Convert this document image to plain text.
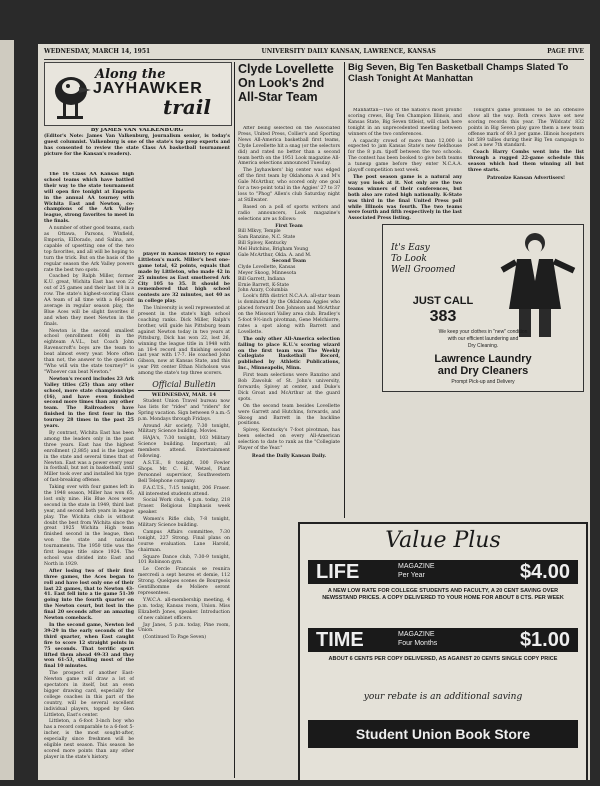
WEDNESDAY, MARCH 14, 1951	UNIVERSITY DAILY KANSAN, LAWRENCE, KANSAS	PAGE FIVE
Along the
JAYHAWKER
trail
By JAMES VAN VALKENBURG
(Editor's Note: James Van Valkenburg, journalism senior, is today's guest columnist. Valkenburg is one of the state's top prep experts and has consented to review the state Class AA basketball tournament picture for the Kansan's readers).

The 16 Class AA Kansas high school teams which have battled their way to the state tournament will open fire tonight at Emporia in the annual AA tourney with Wichita East and Newton, co-champions of the Ark Valley league, strong favorites to meet in the finals.

A number of other good teams, such as Ottawa, Parsons, Winfield, Emporia, ElDorado, and Salina, are capable of upsetting one of the two top favorites, and all will be hoping to turn the trick. But on the basis of the regular season the Ark Valley powers rate the best two spots.

Coached by Ralph Miller, former K.U. great, Wichita East has won 22 out of 25 games and their last 18 in a row. The state's highest-scoring Class AA team of all time with a 66-point average in regular season play, the Blue Aces will be slight favorites if and when they meet Newton in the finals.

Newton is the second smallest school (enrollment 608) in the eighteam A.V.L., but Coach John Ravenscroft's boys are the team to beat almost every year. More often than not, the answer to the question "Who will win the state tourney?" is "Whoever can beat Newton."

Newton's record includes 23 Ark Valley titles (25) than any other school, more state championships (16), and have even finished second more times than any other team. The Railroaders have finished in the first four in the tourney 28 times in the past 25 years.

By contrast, Wichita East has been among the leaders only in the past three years. East has the highest enrollment (2,885) and is the largest in the state and several times that of Newton. East was a power every year in football, but not in basketball, until Miller took over and installed his type of fast-breaking offense.

Taking over with four games left in the 1948 season, Miller has won 65, lost only nine. His Blue Aces were second in the state in 1949, third last year, and second both years in league play. The Wichita club is without doubt the best from Wichita since the great 1925 Wichita High team finished second in the league, then won the state and national tournaments. The 1950 title was the first league title since 1924. The school was divided into East and North in 1929.

After losing two of their first three games, the Aces began to roll and have lost only one of their last 22 games, that to Newton 43-41. East fell into a tie game 51-39 going into the fourth quarter on the Newton court, but lost in the final 20 seconds after an amazing Newton comeback.

In the second game, Newton led 39-29 in the early seconds of the third quarter, when East caught fire to score 12 straight points in 75 seconds. That terrific spurt lifted them ahead 49-33 and they won 61-53, stalling most of the final 10 minutes.

The prospect of another East-Newton game will draw a lot of spectators in itself, but an even bigger drawing card, especially for college coaches in this part of the country, will be several excellent individual players, topped by Glen Littleton, East's center.

Littleton, a 6-foot 3-inch boy who has a record comparable to a 6-foot 5-incher, is the most sought-after, especially since freshmen will be eligible next season. This season he scored more points than any other player in the state's history.

player in Kansas history to equal Littleton's mark. Miller's best one-game total, 42 points, equals that made by Littleton, who made 42 in 25 minutes as East smothered Ark City 105 to 35. It should be remembered that high school contests are 32 minutes, not 40 as in college play.

The University is well represented at present in the state's high school coaching ranks. Dick Miller, Ralph's brother, will guide his Pittsburg team against Newton today in two years at Pittsburg, Dick has won 22, lost 26, winning the league title in 1948 with an 18-4 record and finishing second last year with 17-7. He coached John Gibson, now at Kansas State, and this year Pitt center Ethan Nicholson was among the state's top three scorers.

Official Bulletin
WEDNESDAY, MAR. 14

Student Union Travel bureau now has lists for "rides" and "riders" for Spring vacation. Sign between 9 a.m.-5 p.m. Mondays through Fridays.

Around Air society, 7:30 tonight, Military Science building. Movies.

HAJA's, 7:30 tonight, 103 Military Science building. Important; all members attend. Entertainment following.

A.S.T.E., 8 tonight, 300 Fowler Shops. Mr. C. H. Wetzel, Plant Personnel supervisor, Southwestern Bell Telephone company.

F.A.C.T.S., 7:15 tonight, 206 Fraser. All interested students attend.

Social Work club, 4 p.m. today, 218 Fraser. Religious Emphasis week speaker.

Women's Rifle club, 7-8 tonight, Military Science building.

Campus Affairs committee, 7:30 tonight, 227 Strong. Final plans on course evaluation. Lane Harold, chairman.

Square Dance club, 7:30-9 tonight, 101 Robinson gym.

Le Cercle Francais se reunira mercredi a sept heures et demie, 112 Strong. Quelques scenes de Bourgeois Gentilhomme de Moliere seront representees.

Y.W.C.A. all-membership meeting, 4 p.m. today, Kansas room, Union. Miss Elizabeth Jones, speaker. Introduction of new cabinet officers.

Jay Janes, 5 p.m. today, Pine room, Union.

(Continued To Page Seven)

Clyde Lovellette On Look's 2nd All-Star Team

After being selected on the Associated Press, United Press, Collier's and Sporting News All-America basketball first teams, Clyde Lovellette hit a snag (or the selectors did) and rated no better than a second team berth on the 1951 Look magazine All-America selections announced Tuesday.

The Jayhawkers' big center was edged off the first team by Oklahoma A and M's Gale McArthur, who scored only one goal for a two-point total in the Aggies' 27 to 37 loss to "Phog" Allen's club Saturday night at Stillwater.

Based on a poll of sports writers and radio announcers, Look magazine's selections are as follows:

First Team
Bill Mlkvy, Temple
Sam Ranzino, N.C. State
Bill Spivey, Kentucky
Mel Hutchins, Brigham Young
Gale McArthur, Okla. A. and M.
Second Team
Clyde Lovellette, Kansas
Meyer Skoog, Minnesota
Bill Garrett, Indiana
Ernie Barrett, K-State
John Azary, Columbia

Look's fifth district N.C.A.A. all-star team is dominated by the Oklahoma Aggies who placed forward Don Johnson and McArthur on the Missouri Valley area club. Bradley's 5-foot 9½-inch pivotman, Gene Melchiorre, rates a spot along with Barrett and Lovellette.

The only other All-America selection failing to place K.U.'s scoring wizard on the first team was The Weekly Collegiate Basketball Record, published by Athletic Publications, Inc., Minneapolis, Minn.

First team selections were Ranzino and Bob Zawoluk of St. John's university, forwards; Spivey at center, and Duke's Dick Groat and McArthur at the guard spots.

On the second team besides Lovellette were Garrett and Hutchins, forwards, and Skoog and Barrett in the backline positions.

Spivey, Kentucky's 7-foot pivotman, has been selected on every All-American selection to date to rank as the "Collegiate Player of the Year."

Read the Daily Kansan Daily.
Big Seven, Big Ten Basketball Champs Slated To Clash Tonight At Manhattan

Manhattan—Two of the nation's most prolific scoring crews, Big Ten Champion Illinois, and Kansas State, Big Seven titleist, will clash here tonight in an unprecedented meeting between winners of the two conferences.

A capacity crowd of more than 12,000 is expected to jam Kansas State's new fieldhouse for the 8 p.m. tipoff between the two schools. The contest has been booked to give both teams a tuneup game before they enter N.C.A.A. playoff competition next week.

The post season game is a natural any way you look at it. Not only are the two teams winners of their conferences, but both also are rated high nationally. K-State was third in the final United Press poll while Illinois was fourth. The two teams were fourth and fifth respectively in the last Associated Press listing.

Tonight's game promises to be an offensive show all the way. Both crews have set new scoring records this year. The Wildcats' 832 points in Big Seven play gave them a new team offense mark of 69.3 per game. Illinois hoopsters hit 589 tallies during their Big Ten campaign to post a new 7th standard.

Coach Harry Combs went into the list through a rugged 22-game schedule this season which had them winning all but three starts.

Patronize Kansan Advertisers!
It's Easy
To Look
Well Groomed
JUST CALL
383
We keep your clothes in "new" condition
with our efficient laundering and
Dry Cleaning.
Lawrence Laundry
and Dry Cleaners
Prompt Pick-up and Delivery
Value Plus
LIFE	MAGAZINE
Per Year	$4.00
A NEW LOW RATE FOR COLLEGE STUDENTS AND FACULTY, A 20 CENT SAVING OVER NEWSSTAND PRICES. A COPY DELIVERED TO YOUR HOME FOR ABOUT 8 CTS. PER WEEK
TIME	MAGAZINE
Four Months	$1.00
ABOUT 6 CENTS PER COPY DELIVERED, AS AGAINST 20 CENTS SINGLE COPY PRICE
your rebate is an additional saving
Student Union Book Store
